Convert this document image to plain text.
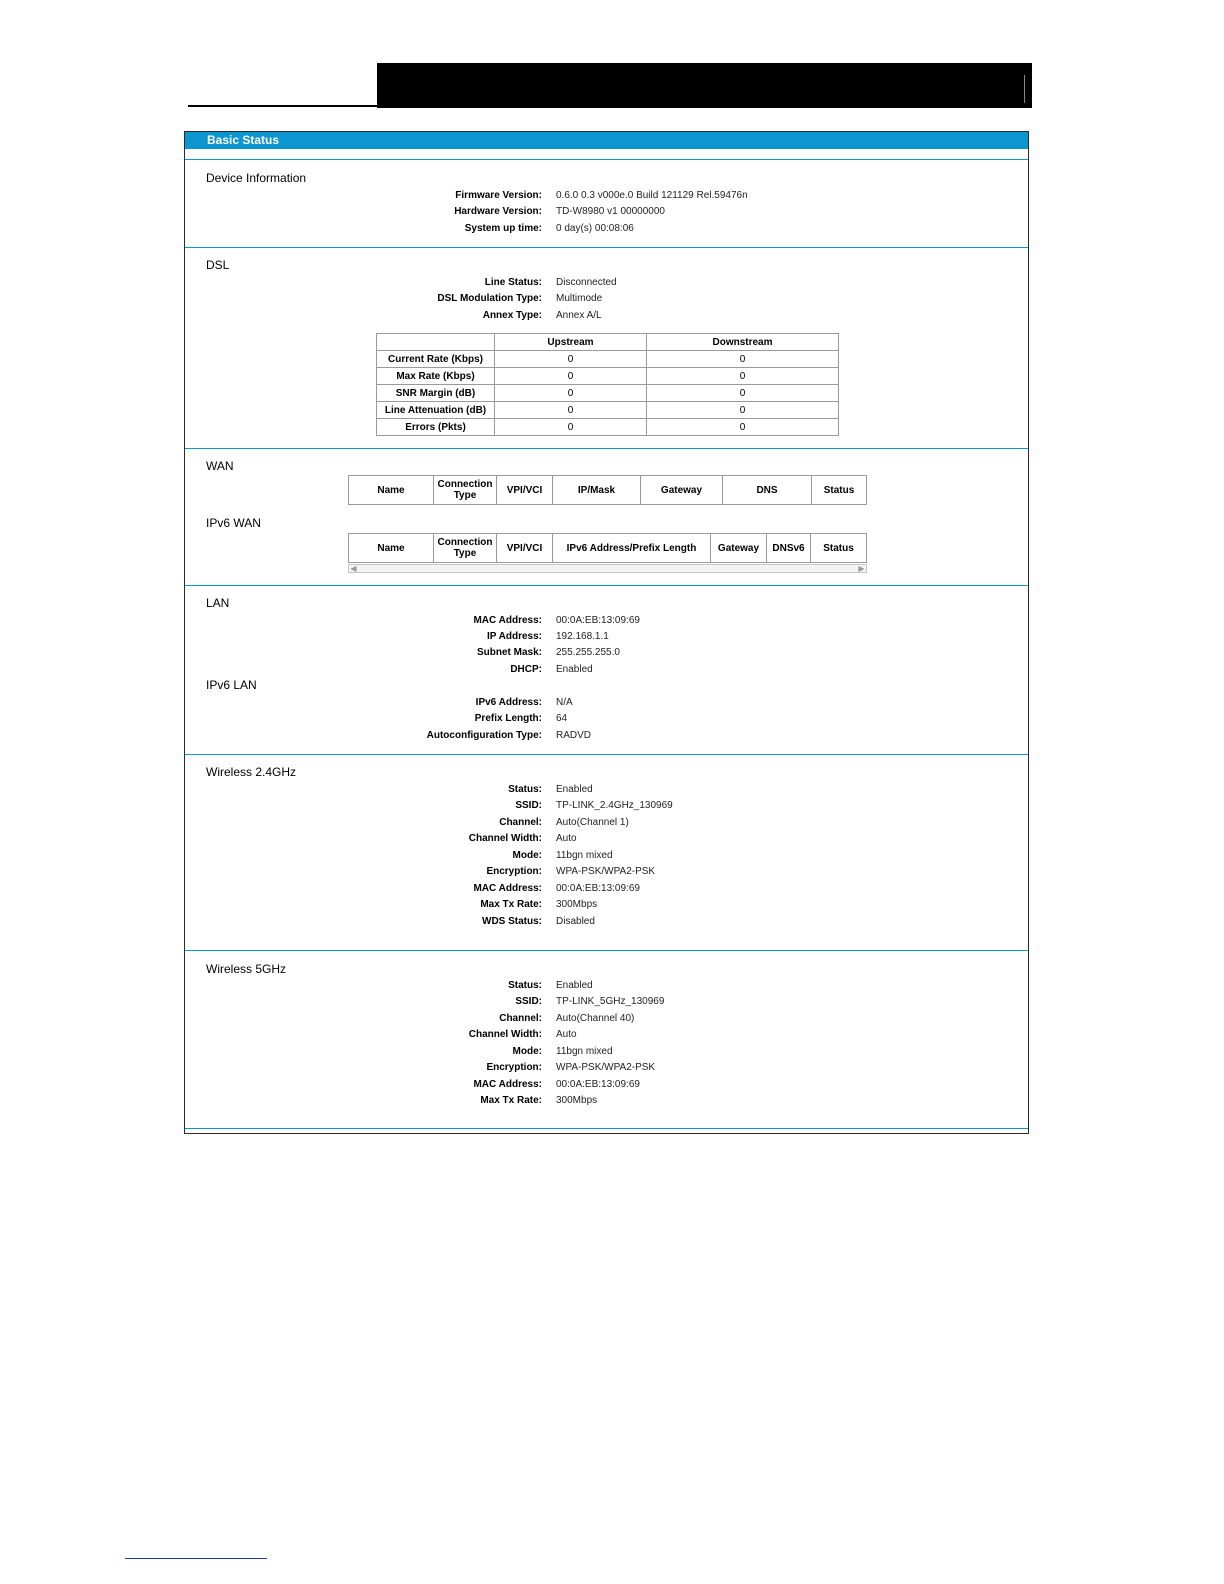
Basic Status
Device Information
Firmware Version: 0.6.0 0.3 v000e.0 Build 121129 Rel.59476n
Hardware Version: TD-W8980 v1 00000000
System up time: 0 day(s) 00:08:06
DSL
Line Status: Disconnected
DSL Modulation Type: Multimode
Annex Type: Annex A/L
	Upstream	Downstream
Current Rate (Kbps)	0	0
Max Rate (Kbps)	0	0
SNR Margin (dB)	0	0
Line Attenuation (dB)	0	0
Errors (Pkts)	0	0
WAN
Name	Connection Type	VPI/VCI	IP/Mask	Gateway	DNS	Status
IPv6 WAN
Name	Connection Type	VPI/VCI	IPv6 Address/Prefix Length	Gateway	DNSv6	Status
◀	▶
LAN
MAC Address: 00:0A:EB:13:09:69
IP Address: 192.168.1.1
Subnet Mask: 255.255.255.0
DHCP: Enabled
IPv6 LAN
IPv6 Address: N/A
Prefix Length: 64
Autoconfiguration Type: RADVD
Wireless 2.4GHz
Status: Enabled
SSID: TP-LINK_2.4GHz_130969
Channel: Auto(Channel 1)
Channel Width: Auto
Mode: 11bgn mixed
Encryption: WPA-PSK/WPA2-PSK
MAC Address: 00:0A:EB:13:09:69
Max Tx Rate: 300Mbps
WDS Status: Disabled
Wireless 5GHz
Status: Enabled
SSID: TP-LINK_5GHz_130969
Channel: Auto(Channel 40)
Channel Width: Auto
Mode: 11bgn mixed
Encryption: WPA-PSK/WPA2-PSK
MAC Address: 00:0A:EB:13:09:69
Max Tx Rate: 300Mbps
